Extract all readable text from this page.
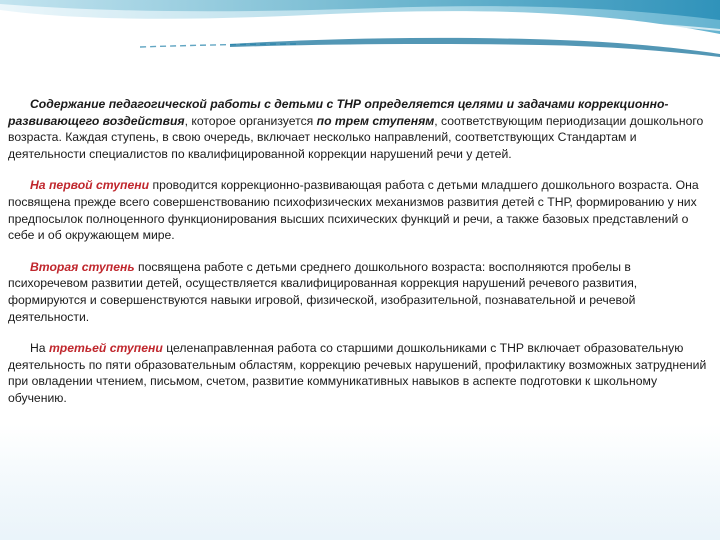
Содержание педагогической работы с детьми с ТНР определяется целями и задачами коррекционно-развивающего воздействия, которое организуется по трем ступеням, соответствующим периодизации дошкольного возраста. Каждая ступень, в свою очередь, включает несколько направлений, соответствующих Стандартам и деятельности специалистов по квалифицированной коррекции нарушений речи у детей.

На первой ступени проводится коррекционно-развивающая работа с детьми младшего дошкольного возраста. Она посвящена прежде всего совершенствованию психофизических механизмов развития детей с ТНР, формированию у них предпосылок полноценного функционирования высших психических функций и речи, а также базовых представлений о себе и об окружающем мире.

Вторая ступень посвящена работе с детьми среднего дошкольного возраста: восполняются пробелы в психоречевом развитии детей, осуществляется квалифицированная коррекция нарушений речевого развития, формируются и совершенствуются навыки игровой, физической, изобразительной, познавательной и речевой деятельности.

На третьей ступени целенаправленная работа со старшими дошкольниками с ТНР включает образовательную деятельность по пяти образовательным областям, коррекцию речевых нарушений, профилактику возможных затруднений при овладении чтением, письмом, счетом, развитие коммуникативных навыков в аспекте подготовки к школьному обучению.
